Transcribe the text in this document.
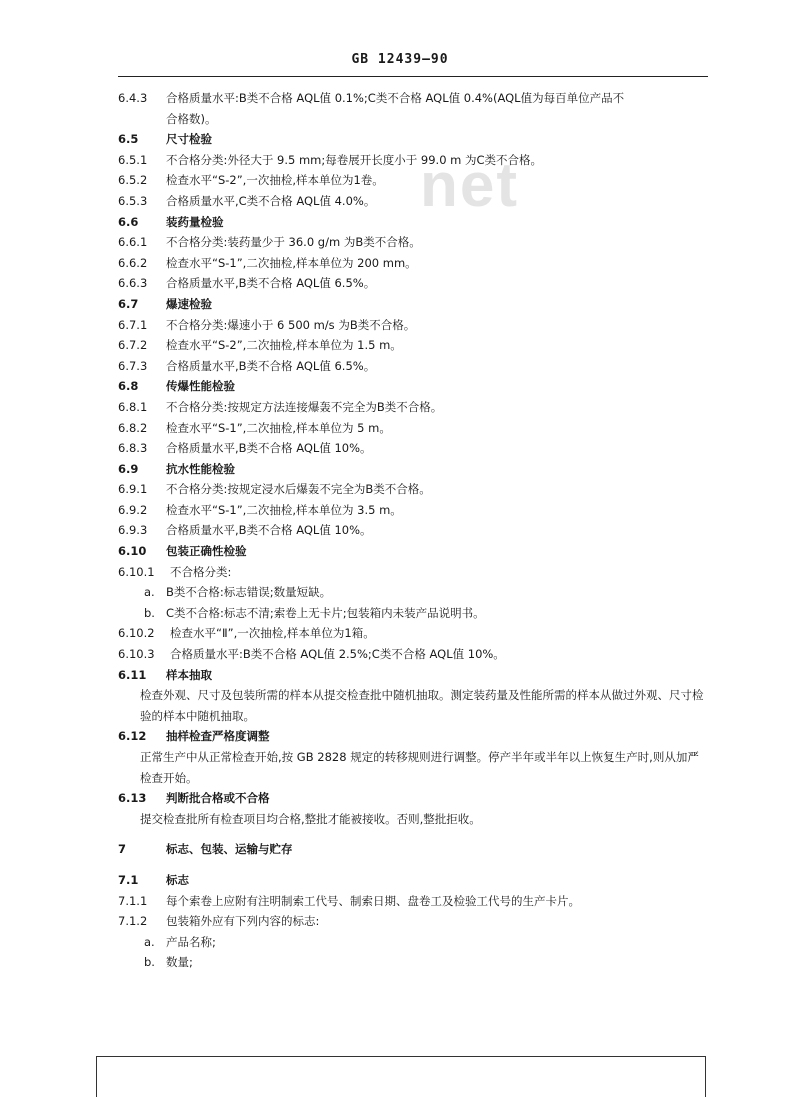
GB 12439—90
net

6.4.3 合格质量水平:B类不合格 AQL值 0.1%;C类不合格 AQL值 0.4%(AQL值为每百单位产品不

合格数)。

6.5 尺寸检验

6.5.1 不合格分类:外径大于 9.5 mm;每卷展开长度小于 99.0 m 为C类不合格。

6.5.2 检查水平“S-2”,一次抽检,样本单位为1卷。

6.5.3 合格质量水平,C类不合格 AQL值 4.0%。

6.6 装药量检验

6.6.1 不合格分类:装药量少于 36.0 g/m 为B类不合格。

6.6.2 检查水平“S-1”,二次抽检,样本单位为 200 mm。

6.6.3 合格质量水平,B类不合格 AQL值 6.5%。

6.7 爆速检验

6.7.1 不合格分类:爆速小于 6 500 m/s 为B类不合格。

6.7.2 检查水平“S-2”,二次抽检,样本单位为 1.5 m。

6.7.3 合格质量水平,B类不合格 AQL值 6.5%。

6.8 传爆性能检验

6.8.1 不合格分类:按规定方法连接爆轰不完全为B类不合格。

6.8.2 检查水平“S-1”,二次抽检,样本单位为 5 m。

6.8.3 合格质量水平,B类不合格 AQL值 10%。

6.9 抗水性能检验

6.9.1 不合格分类:按规定浸水后爆轰不完全为B类不合格。

6.9.2 检查水平“S-1”,二次抽检,样本单位为 3.5 m。

6.9.3 合格质量水平,B类不合格 AQL值 10%。

6.10 包装正确性检验

6.10.1 不合格分类:

a. B类不合格:标志错误;数量短缺。

b. C类不合格:标志不清;索卷上无卡片;包装箱内未装产品说明书。

6.10.2 检查水平“Ⅱ”,一次抽检,样本单位为1箱。

6.10.3 合格质量水平:B类不合格 AQL值 2.5%;C类不合格 AQL值 10%。

6.11 样本抽取

检查外观、尺寸及包装所需的样本从提交检查批中随机抽取。测定装药量及性能所需的样本从做过外观、尺寸检验的样本中随机抽取。

6.12 抽样检查严格度调整

正常生产中从正常检查开始,按 GB 2828 规定的转移规则进行调整。停产半年或半年以上恢复生产时,则从加严检查开始。

6.13 判断批合格或不合格

提交检查批所有检查项目均合格,整批才能被接收。否则,整批拒收。

7	标志、包装、运输与贮存

7.1 标志

7.1.1 每个索卷上应附有注明制索工代号、制索日期、盘卷工及检验工代号的生产卡片。

7.1.2 包装箱外应有下列内容的标志:

a. 产品名称;

b. 数量;
